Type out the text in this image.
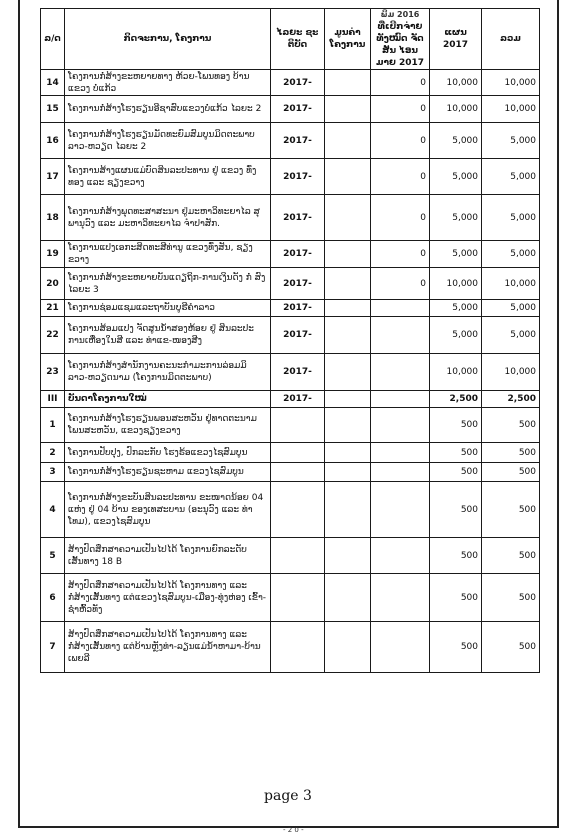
ລ/ດ	ກິດຈະການ, ໂຄງການ	ໄລຍະ ຊະຕິບັດ	ມູນຄ່າ ໂຄງການ	ພິມ 2016
ທີ່ເບີກຈ່າຍທັງໝົດ ຈັດສັນ ໄອນ ມາຍ 2017	ແຜນ 2017	ລວມ
14	ໂຄງການກໍ່ສ້າງຂະຫຍາຍທາງ ຫ້ວຍ-ໂພນທອງ ບ້ານແຂວງ ບໍ່ແກ້ວ	2017-		0	10,000	10,000
15	ໂຄງການກໍ່ສ້າງໂຮງຮຽນອີຊາສົບແຂວງບໍ່ແກ້ວ ໄລຍະ 2	2017-		0	10,000	10,000
16	ໂຄງການກໍ່ສ້າງໂຮງຮຽນມັດທະຍົມສົມບູນມິດຕະພາບ ລາວ-ຫວຽດ ໄລຍະ 2	2017-		0	5,000	5,000
17	ໂຄງການສ້າງແຜນແມ່ບົດສິນລະປະທານ ຢູ່ ແຂວງ ທົ່ງທອງ ແລະ ຊຽງຂວາງ	2017-		0	5,000	5,000
18	ໂຄງການກໍ່ສ້າງພຸດທະສາສະນາ ຢູ່ມະຫາວິທະຍາໄລ ສຸພານຸວົງ ແລະ ມະຫາວິທະຍາໄລ ຈໍາປາສັກ.	2017-		0	5,000	5,000
19	ໂຄງການແປງເອກະສິດທະສີທ່ານູ ແຂວງທົ່ງສັນ, ຊຽງຂວາງ	2017-		0	5,000	5,000
20	ໂຄງການກໍ່ສ້າງຂະຫຍາຍບັນແດຽຖິກ-ການເງິນດັງ ກໍ່ ສົງ ໄລຍະ 3	2017-		0	10,000	10,000
21	ໂຄງການຊ່ອມແຊມແລະຖາບັນບູຮີຄໍາລາວ	2017-			5,000	5,000
22	ໂຄງການສ້ອມແປງ ຈັດສູນນ້ໍາສອງຫ້ອຍ ຢູ່ ສິນລະປະການເຫື່ອງໃນສີ ແລະ ທ່າແຂ-ໜອງສີງ	2017-			5,000	5,000
23	ໂຄງການກໍ່ສ້າງສໍານັກງານຄະນະກໍາມະການລ່ອມມິ ລາວ-ຫວຽດນາມ (ໂຄງການມິດຕະພາບ)	2017-			10,000	10,000
III	ບັນດາໂຄງການໃໝ່	2017-			2,500	2,500
1	ໂຄງການກໍ່ສ້າງໂຮງຮຽນພອນສະຫວັນ ຢູ່ທາດຕະນາມ ໂພນສະຫວັນ, ແຂວງຊຽງຂວາງ				500	500
2	ໂຄງການປັບປຸງ, ປົກລະກັບ ໂຮງຮ້ອແຂວງໄຊສົມບູນ				500	500
3	ໂຄງການກໍ່ສ້າງໂຮງຮຽນຊະຫາມ ແຂວງໄຊສົມບູນ				500	500
4	ໂຄງການກໍ່ສ້າງຂະບັນສິນລະປະທານ ຂະໜາດນ້ອຍ 04 ແຫ່ງ ຢູ່ 04 ບ້ານ ຂອງເທສະບານ (ອະນຸວົງ ແລະ ທ່າໂທມ), ແຂວງໄຊສົມບູນ				500	500
5	ສ້າງປົດສຶກສາຄວາມເປັນໄປໄດ້ ໂຄງການຍົກລະດັບ ເສັ້ນທາງ 18 B				500	500
6	ສ້າງປົດສຶກສາຄວາມເປັນໄປໄດ້ ໂຄງການທາງ ແລະ ກໍ່ສ້າງເສັ້ນທາງ ແຕ່ແຂວງໄຊສົມບູນ-ເມືອງ-ທຸ່ງຫ່ອງ ເຂົ້າ- ຊຳຫົ້ວທັງ				500	500
7	ສ້າງປົດສຶກສາຄວາມເປັນໄປໄດ້ ໂຄງການທາງ ແລະ ກໍ່ສ້າງເສັ້ນທາງ ແຕ່ບ້ານຫຼັງທ່າ-ລຽນແມ່ນ້ໍາຫາມາ-ບ້ານ ເພຍລີ				500	500
page 3
- 2 0 -
